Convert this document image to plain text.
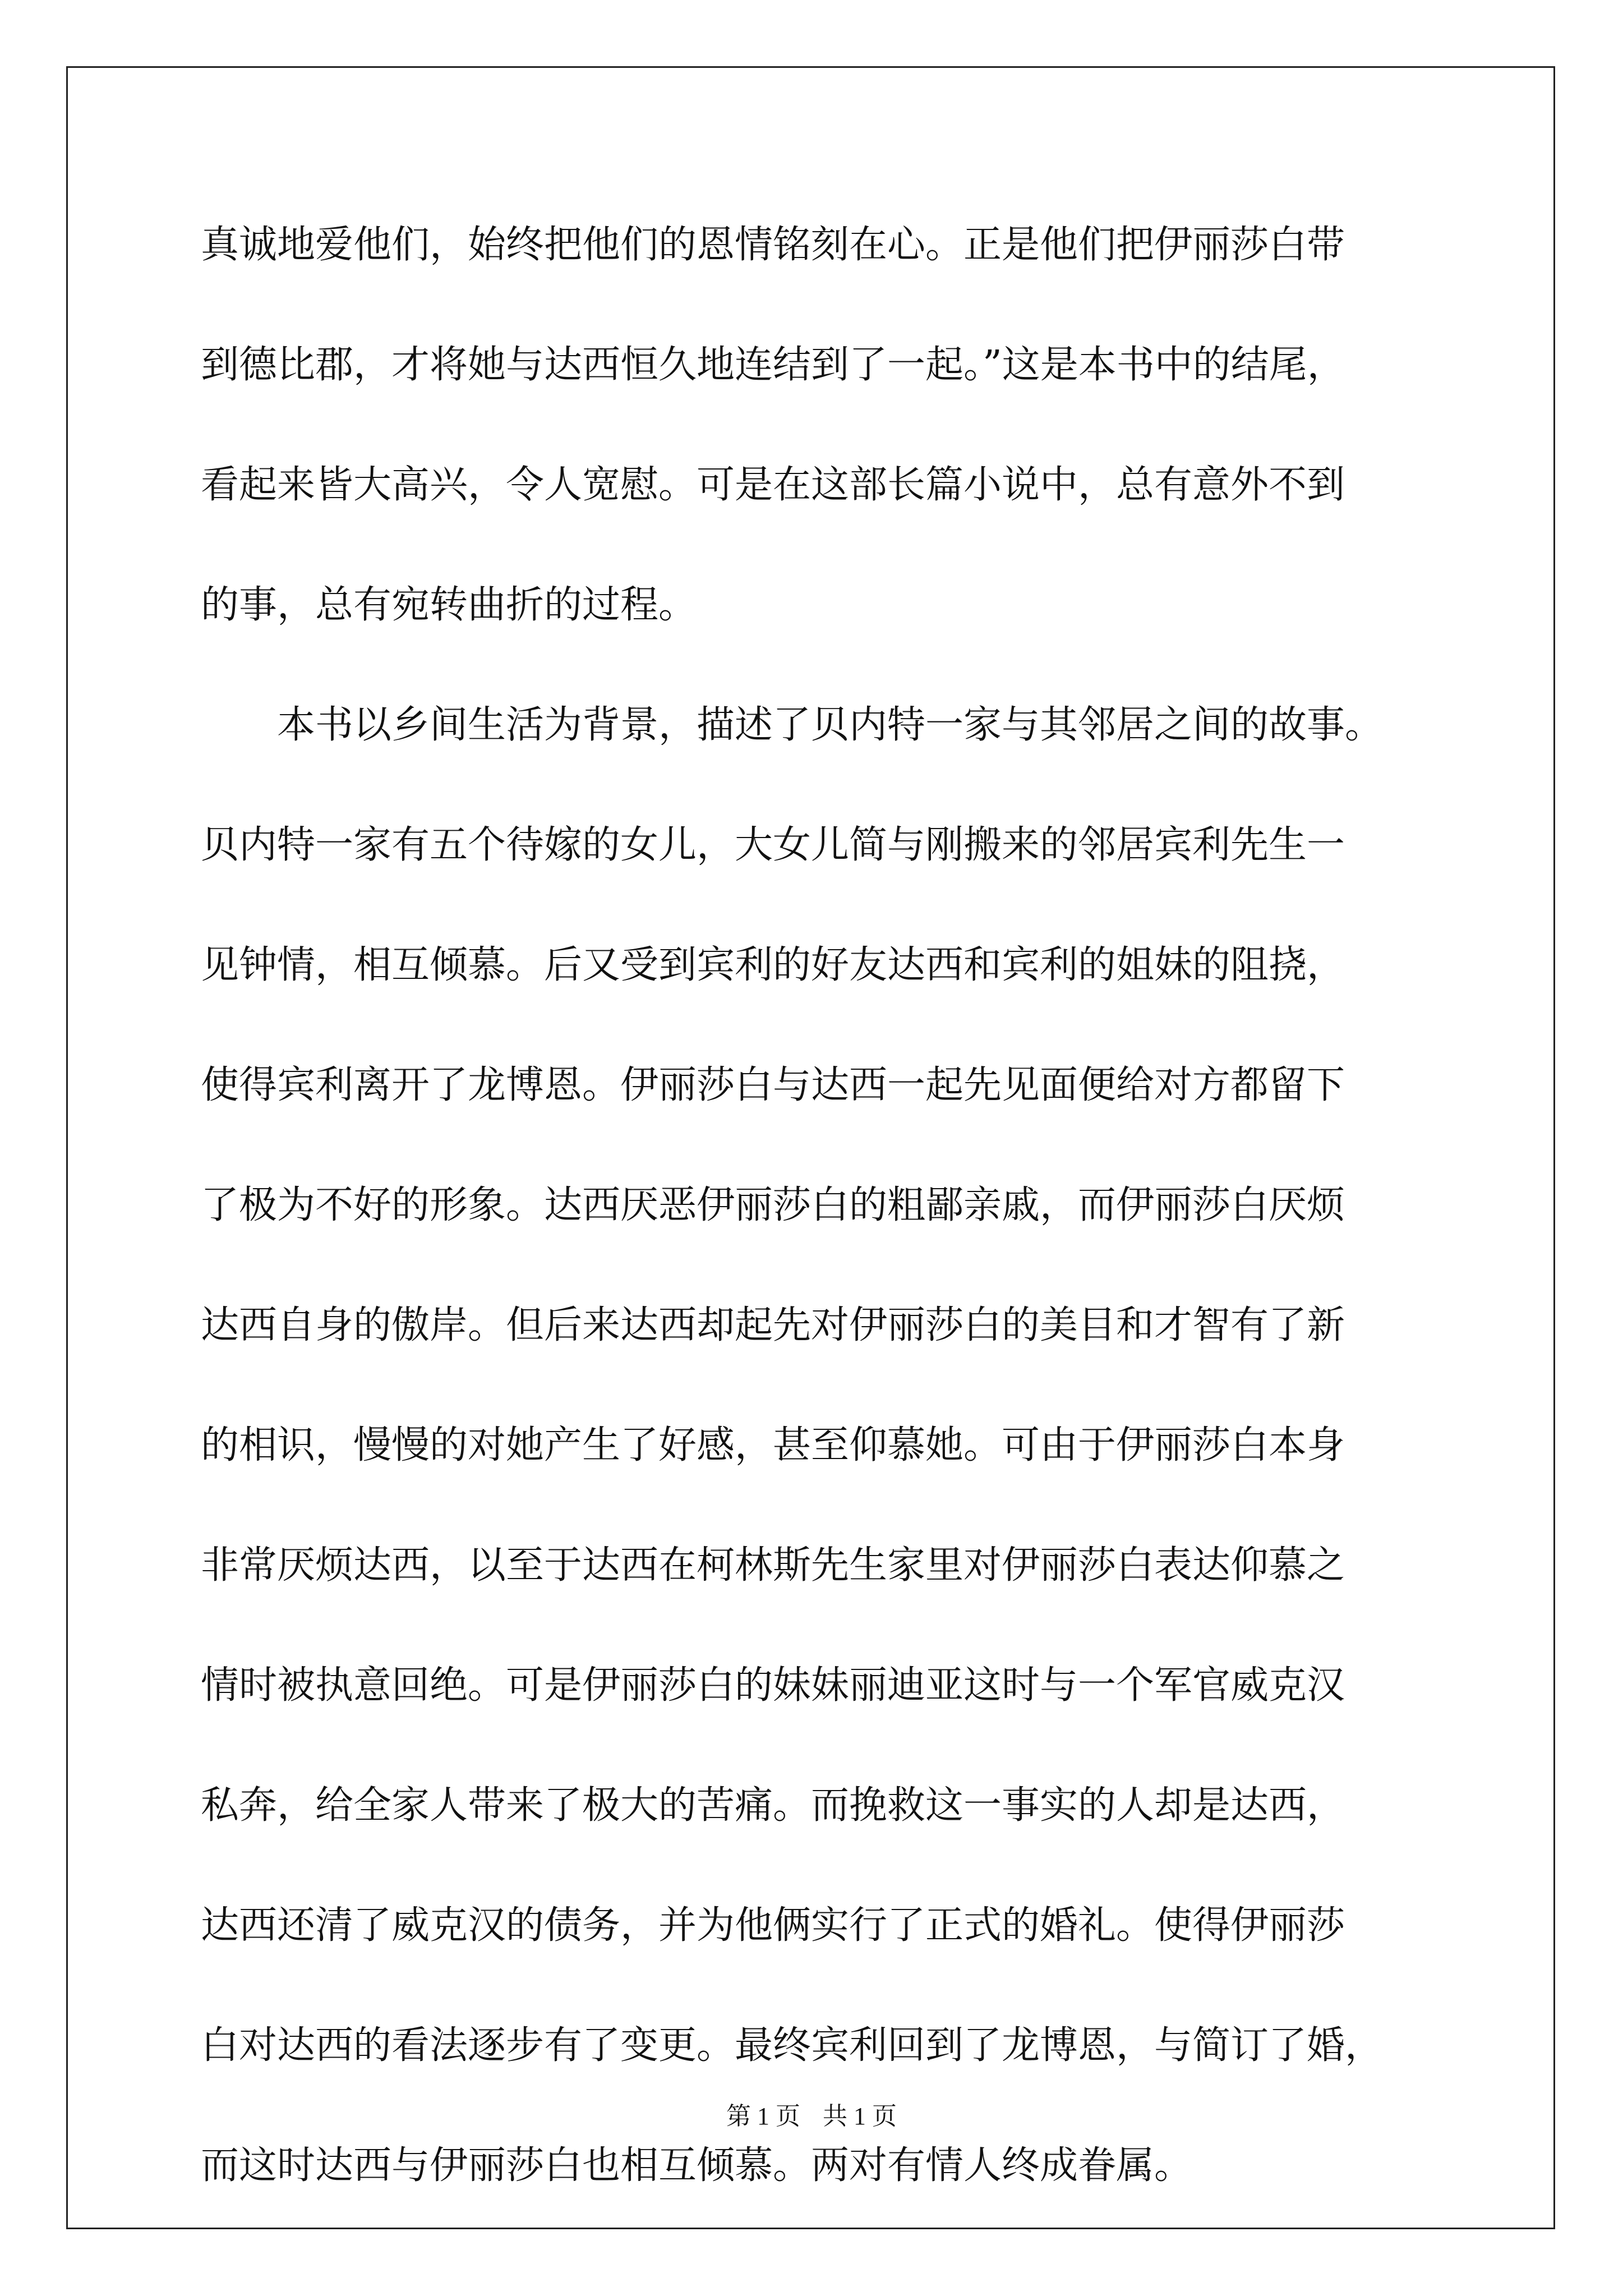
真诚地爱他们，始终把他们的恩情铭刻在心。正是他们把伊丽莎白带
到德比郡，才将她与达西恒久地连结到了一起。”这是本书中的结尾，
看起来皆大高兴，令人宽慰。可是在这部长篇小说中，总有意外不到
的事，总有宛转曲折的过程。
本书以乡间生活为背景，描述了贝内特一家与其邻居之间的故事。
贝内特一家有五个待嫁的女儿，大女儿简与刚搬来的邻居宾利先生一
见钟情，相互倾慕。后又受到宾利的好友达西和宾利的姐妹的阻挠，
使得宾利离开了龙博恩。伊丽莎白与达西一起先见面便给对方都留下
了极为不好的形象。达西厌恶伊丽莎白的粗鄙亲戚，而伊丽莎白厌烦
达西自身的傲岸。但后来达西却起先对伊丽莎白的美目和才智有了新
的相识，慢慢的对她产生了好感，甚至仰慕她。可由于伊丽莎白本身
非常厌烦达西，以至于达西在柯林斯先生家里对伊丽莎白表达仰慕之
情时被执意回绝。可是伊丽莎白的妹妹丽迪亚这时与一个军官威克汉
私奔，给全家人带来了极大的苦痛。而挽救这一事实的人却是达西，
达西还清了威克汉的债务，并为他俩实行了正式的婚礼。使得伊丽莎
白对达西的看法逐步有了变更。最终宾利回到了龙博恩，与简订了婚，
而这时达西与伊丽莎白也相互倾慕。两对有情人终成眷属。
第 1 页 共 1 页
